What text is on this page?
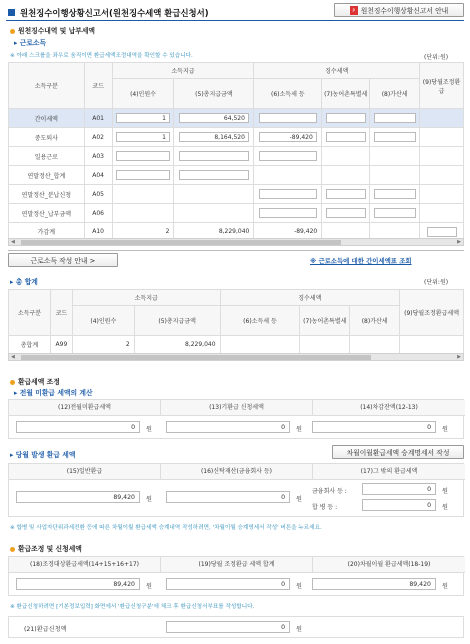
원천징수이행상황신고서(원천징수세액 환급신청서)	P 원천징수이행상황신고서 안내
원천징수내역 및 납부세액
▸ 근로소득
※ 아래 스크롤을 좌우로 움직이면 환급세액조정내역을 확인할 수 있습니다.	(단위:원)
소득구분	코드	소득지급		징수세액			(9)당월조정환급
		(4)인원수	(5)총지급금액	(6)소득세 등	(7)농어촌특별세	(8)가산세	
간이세액	A01	1	64,520				
중도퇴사	A02	1	8,164,520	-89,420			
일용근로	A03						
연말정산_합계	A04						
연말정산_분납신청	A05						
연말정산_납부금액	A06						
가감계	A10	2	8,229,040	-89,420			
◀	▶
근로소득 작성 안내 >	※ 근로소득에 대한 간이세액표 조회
▸ 총 합계	(단위:원)
소득구분	코드	소득지급		징수세액			(9)당월조정환급세액
		(4)인원수	(5)총지급금액	(6)소득세 등	(7)농어촌특별세	(8)가산세	
총합계	A99	2	8,229,040				
◀	▶
환급세액 조정
▸ 전월 미환급 세액의 계산
(12)전월미환급세액	(13)기환급 신청세액	(14)차감잔액(12-13)
0	원	0	원	0	원
▸ 당월 발생 환급 세액	차월이월환급세액 승계명세서 작성
(15)일반환급	(16)신탁재산(금융회사 등)	(17)그 밖의 환급세액
89,420	원	0	원
금융회사 등 :	0	원
합 병 등 :	0	원
※ 합병 및 사업자단위과세전환 등에 따른 차월이월 환급세액 승계내역 작성하려면, '차월이월 승계명세서 작성' 버튼을 누르세요.
환급조정 및 신청세액
(18)조정대상환급세액(14+15+16+17)	(19)당월 조정환급 세액 합계	(20)차월이월 환급세액(18-19)
89,420	원	0	원	89,420	원
※ 환급신청하려면 [기본정보입력] 화면에서 '환급신청구분'에 체크 후 환급신청서부표를 작성합니다.
(21)환급신청액	0	원
